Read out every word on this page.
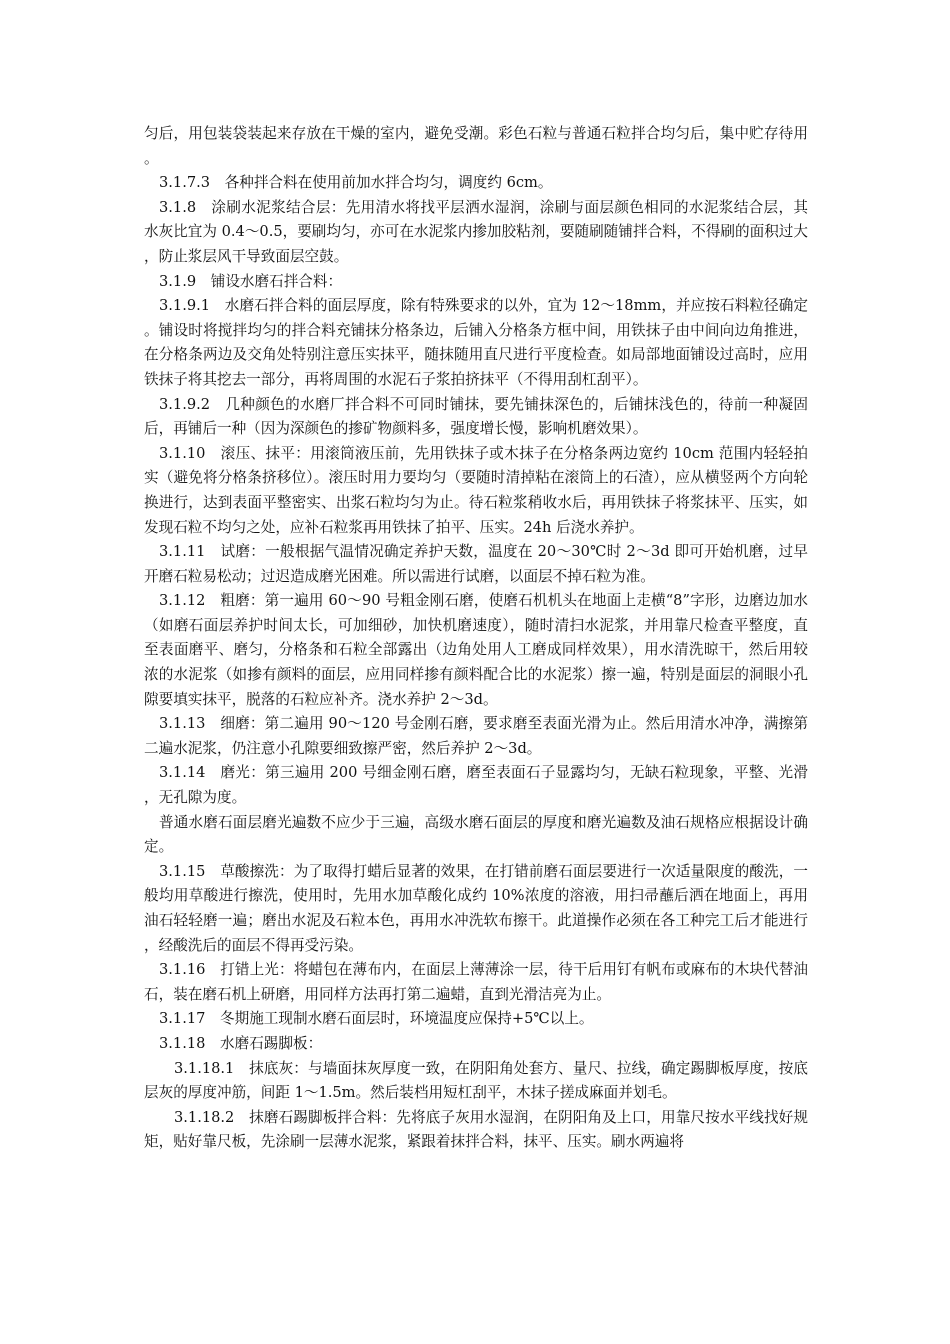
匀后，用包装袋装起来存放在干燥的室内，避免受潮。彩色石粒与普通石粒拌合均匀后，集中贮存待用。

3.1.7.3　各种拌合料在使用前加水拌合均匀，调度约 6cm。

3.1.8　涂刷水泥浆结合层：先用清水将找平层洒水湿润，涂刷与面层颜色相同的水泥浆结合层，其水灰比宜为 0.4～0.5，要刷均匀，亦可在水泥浆内掺加胶粘剂，要随刷随铺拌合料，不得刷的面积过大，防止浆层风干导致面层空鼓。

3.1.9　铺设水磨石拌合料：

3.1.9.1　水磨石拌合料的面层厚度，除有特殊要求的以外，宜为 12～18mm，并应按石料粒径确定。铺设时将搅拌均匀的拌合料充铺抹分格条边，后铺入分格条方框中间，用铁抹子由中间向边角推进，在分格条两边及交角处特别注意压实抹平，随抹随用直尺进行平度检查。如局部地面铺设过高时，应用铁抹子将其挖去一部分，再将周围的水泥石子浆拍挤抹平（不得用刮杠刮平）。

3.1.9.2　几种颜色的水磨厂拌合料不可同时铺抹，要先铺抹深色的，后铺抹浅色的，待前一种凝固后，再铺后一种（因为深颜色的掺矿物颜料多，强度增长慢，影响机磨效果）。

3.1.10　滚压、抹平：用滚筒液压前，先用铁抹子或木抹子在分格条两边宽约 10cm 范围内轻轻拍实（避免将分格条挤移位）。滚压时用力要均匀（要随时清掉粘在滚筒上的石渣），应从横竖两个方向轮换进行，达到表面平整密实、出浆石粒均匀为止。待石粒浆稍收水后，再用铁抹子将浆抹平、压实，如发现石粒不均匀之处，应补石粒浆再用铁抹了拍平、压实。24h 后浇水养护。

3.1.11　试磨：一般根据气温情况确定养护天数，温度在 20～30℃时 2～3d 即可开始机磨，过早开磨石粒易松动；过迟造成磨光困难。所以需进行试磨，以面层不掉石粒为准。

3.1.12　粗磨：第一遍用 60～90 号粗金刚石磨，使磨石机机头在地面上走横“8”字形，边磨边加水（如磨石面层养护时间太长，可加细砂，加快机磨速度），随时清扫水泥浆，并用靠尺检查平整度，直至表面磨平、磨匀，分格条和石粒全部露出（边角处用人工磨成同样效果），用水清洗晾干，然后用较浓的水泥浆（如掺有颜料的面层，应用同样掺有颜料配合比的水泥浆）擦一遍，特别是面层的洞眼小孔隙要填实抹平，脱落的石粒应补齐。浇水养护 2～3d。

3.1.13　细磨：第二遍用 90～120 号金刚石磨，要求磨至表面光滑为止。然后用清水冲净，满擦第二遍水泥浆，仍注意小孔隙要细致擦严密，然后养护 2～3d。

3.1.14　磨光：第三遍用 200 号细金刚石磨，磨至表面石子显露均匀，无缺石粒现象，平整、光滑，无孔隙为度。

普通水磨石面层磨光遍数不应少于三遍，高级水磨石面层的厚度和磨光遍数及油石规格应根据设计确定。

3.1.15　草酸擦洗：为了取得打蜡后显著的效果，在打错前磨石面层要进行一次适量限度的酸洗，一般均用草酸进行擦洗，使用时，先用水加草酸化成约 10%浓度的溶液，用扫帚蘸后洒在地面上，再用油石轻轻磨一遍；磨出水泥及石粒本色，再用水冲洗软布擦干。此道操作必须在各工种完工后才能进行，经酸洗后的面层不得再受污染。

3.1.16　打错上光：将蜡包在薄布内，在面层上薄薄涂一层，待干后用钉有帆布或麻布的木块代替油石，装在磨石机上研磨，用同样方法再打第二遍蜡，直到光滑洁亮为止。

3.1.17　冬期施工现制水磨石面层时，环境温度应保持+5℃以上。

3.1.18　水磨石踢脚板：

3.1.18.1　抹底灰：与墙面抹灰厚度一致，在阴阳角处套方、量尺、拉线，确定踢脚板厚度，按底层灰的厚度冲筋，间距 1～1.5m。然后装档用短杠刮平，木抹子搓成麻面并划毛。

3.1.18.2　抹磨石踢脚板拌合料：先将底子灰用水湿润，在阴阳角及上口，用靠尺按水平线找好规矩，贴好靠尺板，先涂刷一层薄水泥浆，紧跟着抹拌合料，抹平、压实。刷水两遍将
